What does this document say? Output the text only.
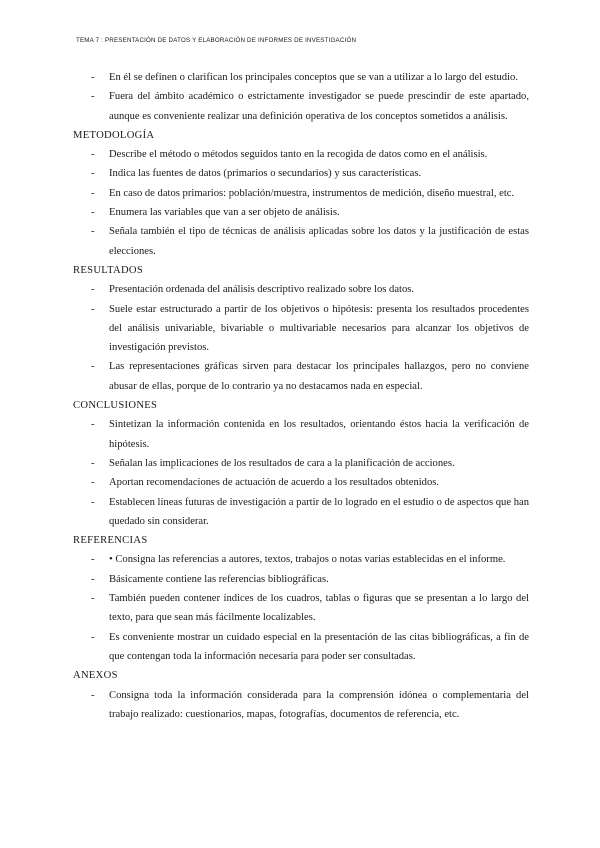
TEMA 7 : PRESENTACIÓN DE DATOS Y ELABORACIÓN DE INFORMES DE INVESTIGACIÓN
- En él se definen o clarifican los principales conceptos que se van a utilizar a lo largo del estudio.
- Fuera del ámbito académico o estrictamente investigador se puede prescindir de este apartado, aunque es conveniente realizar una definición operativa de los conceptos sometidos a análisis.
METODOLOGÍA
- Describe el método o métodos seguidos tanto en la recogida de datos como en el análisis.
- Indica las fuentes de datos (primarios o secundarios) y sus características.
- En caso de datos primarios: población/muestra, instrumentos de medición, diseño muestral, etc.
- Enumera las variables que van a ser objeto de análisis.
- Señala también el tipo de técnicas de análisis aplicadas sobre los datos y la justificación de estas elecciones.
RESULTADOS
- Presentación ordenada del análisis descriptivo realizado sobre los datos.
- Suele estar estructurado a partir de los objetivos o hipótesis: presenta los resultados procedentes del análisis univariable, bivariable o multivariable necesarios para alcanzar los objetivos de investigación previstos.
- Las representaciones gráficas sirven para destacar los principales hallazgos, pero no conviene abusar de ellas, porque de lo contrario ya no destacamos nada en especial.
CONCLUSIONES
- Sintetizan la información contenida en los resultados, orientando éstos hacia la verificación de hipótesis.
- Señalan las implicaciones de los resultados de cara a la planificación de acciones.
- Aportan recomendaciones de actuación de acuerdo a los resultados obtenidos.
- Establecen líneas futuras de investigación a partir de lo logrado en el estudio o de aspectos que han quedado sin considerar.
REFERENCIAS
- • Consigna las referencias a autores, textos, trabajos o notas varias establecidas en el informe.
- Básicamente contiene las referencias bibliográficas.
- También pueden contener índices de los cuadros, tablas o figuras que se presentan a lo largo del texto, para que sean más fácilmente localizables.
- Es conveniente mostrar un cuidado especial en la presentación de las citas bibliográficas, a fin de que contengan toda la información necesaria para poder ser consultadas.
ANEXOS
- Consigna toda la información considerada para la comprensión idónea o complementaria del trabajo realizado: cuestionarios, mapas, fotografías, documentos de referencia, etc.
